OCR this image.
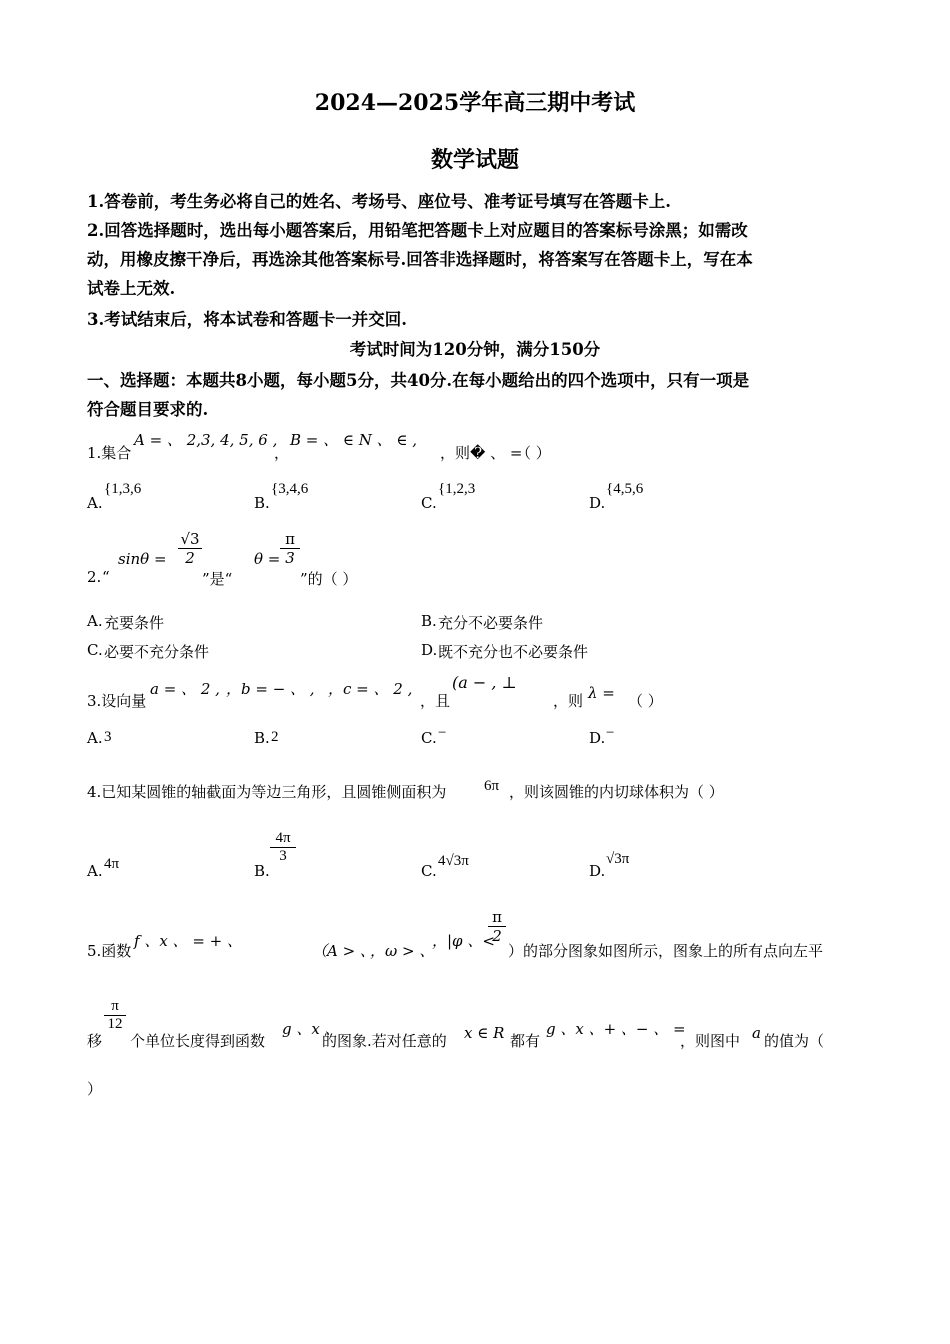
2024—2025学年高三期中考试
数学试题
1.答卷前，考生务必将自己的姓名、考场号、座位号、准考证号填写在答题卡上.
2.回答选择题时，选出每小题答案后，用铅笔把答题卡上对应题目的答案标号涂黑；如需改
动，用橡皮擦干净后，再选涂其他答案标号.回答非选择题时，将答案写在答题卡上，写在本
试卷上无效.
3.考试结束后，将本试卷和答题卡一并交回.
考试时间为120分钟，满分150分
一、选择题：本题共8小题，每小题5分，共40分.在每小题给出的四个选项中，只有一项是
符合题目要求的.
1.集合
A = 、 2,3, 4, 5, 6 ,
，
B = 、 ∈ N 、 ∈ ,
，则� 、 =
（ ）
A.
{1,3,6
B.
{3,4,6
C.
{1,2,3
D.
{4,5,6
2. “
sinθ =
√3
2
”是“
θ =
π
3
”的（ ）
A. 充要条件	B. 充分不必要条件
C. 必要不充分条件	D. 既不充分也不必要条件
3.设向量
a = 、 2 , ，b = − 、 , ，c = 、 2 ,
，且
(a − , ⊥
，则 λ = （ ）
A. 3	B. 2	C. −	D. −
4.已知某圆锥的轴截面为等边三角形，且圆锥侧面积为	6π ，则该圆锥的内切球体积为（ ）
A. 4π	B.
4π
3
C.
4√3π
D.
√3π
5.函数
f 、x 、 = + 、
（A > 、
，ω > 、
，|φ 、<
π
2
）的部分图象如图所示，图象上的所有点向左平
移
π
12
个单位长度得到函数
g 、x 、
的图象.若对任意的 x ∈ R 都有
g 、x 、+ 、− 、 =
，则图中 a 的值为（
）
